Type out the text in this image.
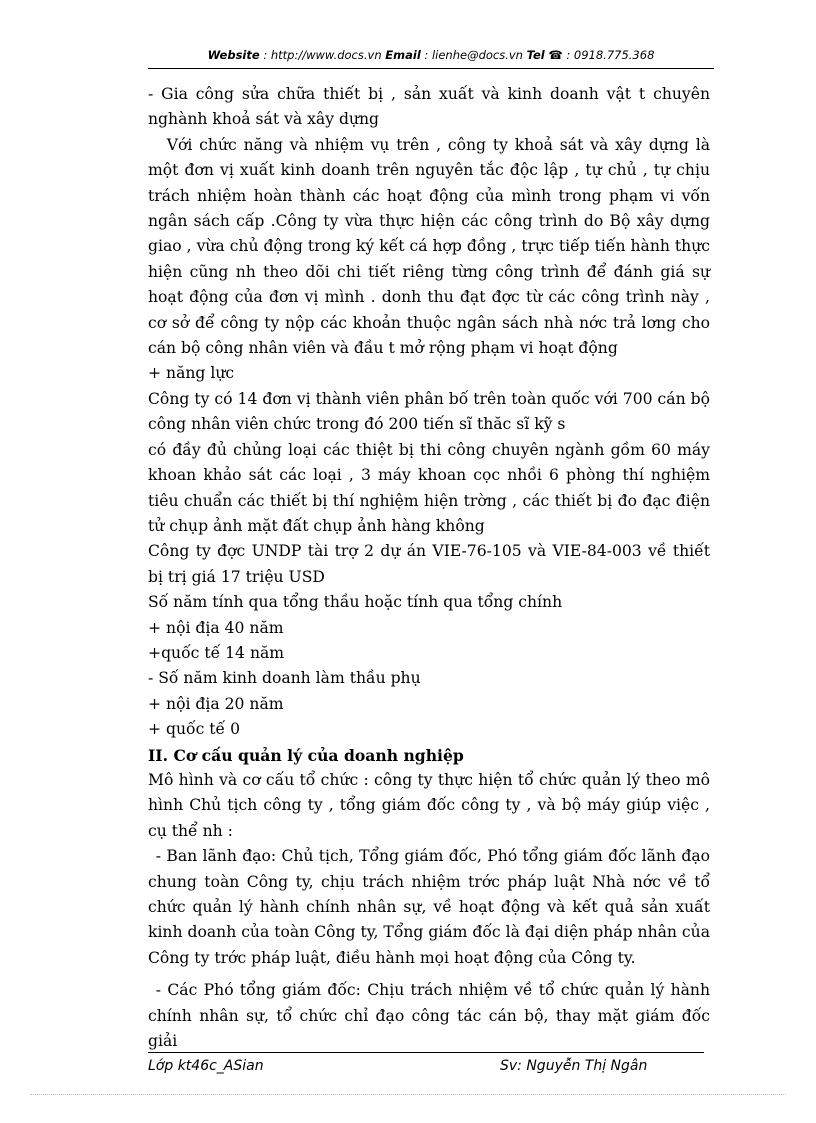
Website : http://www.docs.vn Email : lienhe@docs.vn Tel ☎ : 0918.775.368

- Gia công sửa chữa thiết bị , sản xuất và kinh doanh vật t chuyên nghành khoả sát và xây dựng

Với chức năng và nhiệm vụ trên , công ty khoả sát và xây dựng là một đơn vị xuất kinh doanh trên nguyên tắc độc lập , tự chủ , tự chịu trách nhiệm hoàn thành các hoạt động của mình trong phạm vi vốn ngân sách cấp .Công ty vừa thực hiện các công trình do Bộ xây dựng giao , vừa chủ động trong ký kết cá hợp đồng , trực tiếp tiến hành thực hiện cũng nh theo dõi chi tiết riêng từng công trình để đánh giá sự hoạt động của đơn vị mình . donh thu đạt đợc từ các công trình này , cơ sở để công ty nộp các khoản thuộc ngân sách nhà nớc trả lơng cho cán bộ công nhân viên và đầu t mở rộng phạm vi hoạt động

+ năng lực

Công ty có 14 đơn vị thành viên phân bố trên toàn quốc với 700 cán bộ công nhân viên chức trong đó 200 tiến sĩ thăc sĩ kỹ s

có đầy đủ chủng loại các thiệt bị thi công chuyên ngành gồm 60 máy khoan khảo sát các loại , 3 máy khoan cọc nhồi 6 phòng thí nghiệm tiêu chuẩn các thiết bị thí nghiệm hiện trờng , các thiết bị đo đạc điện tử chụp ảnh mặt đất chụp ảnh hàng không

Công ty đợc UNDP tài trợ 2 dự án VIE-76-105 và VIE-84-003 về thiết bị trị giá 17 triệu USD

Số năm tính qua tổng thầu hoặc tính qua tổng chính

+ nội địa 40 năm

+quốc tế 14 năm

- Số năm kinh doanh làm thầu phụ

+ nội địa 20 năm

+ quốc tế 0

II. Cơ cấu quản lý của doanh nghiệp

Mô hình và cơ cấu tổ chức : công ty thực hiện tổ chức quản lý theo mô hình Chủ tịch công ty , tổng giám đốc công ty , và bộ máy giúp việc , cụ thể nh :

- Ban lãnh đạo: Chủ tịch, Tổng giám đốc, Phó tổng giám đốc lãnh đạo chung toàn Công ty, chịu trách nhiệm trớc pháp luật Nhà nớc về tổ chức quản lý hành chính nhân sự, về hoạt động và kết quả sản xuất kinh doanh của toàn Công ty, Tổng giám đốc là đại diện pháp nhân của Công ty trớc pháp luật, điều hành mọi hoạt động của Công ty.

- Các Phó tổng giám đốc: Chịu trách nhiệm về tổ chức quản lý hành chính nhân sự, tổ chức chỉ đạo công tác cán bộ, thay mặt giám đốc giải

Lớp kt46c_ASian	Sv: Nguyễn Thị Ngân
